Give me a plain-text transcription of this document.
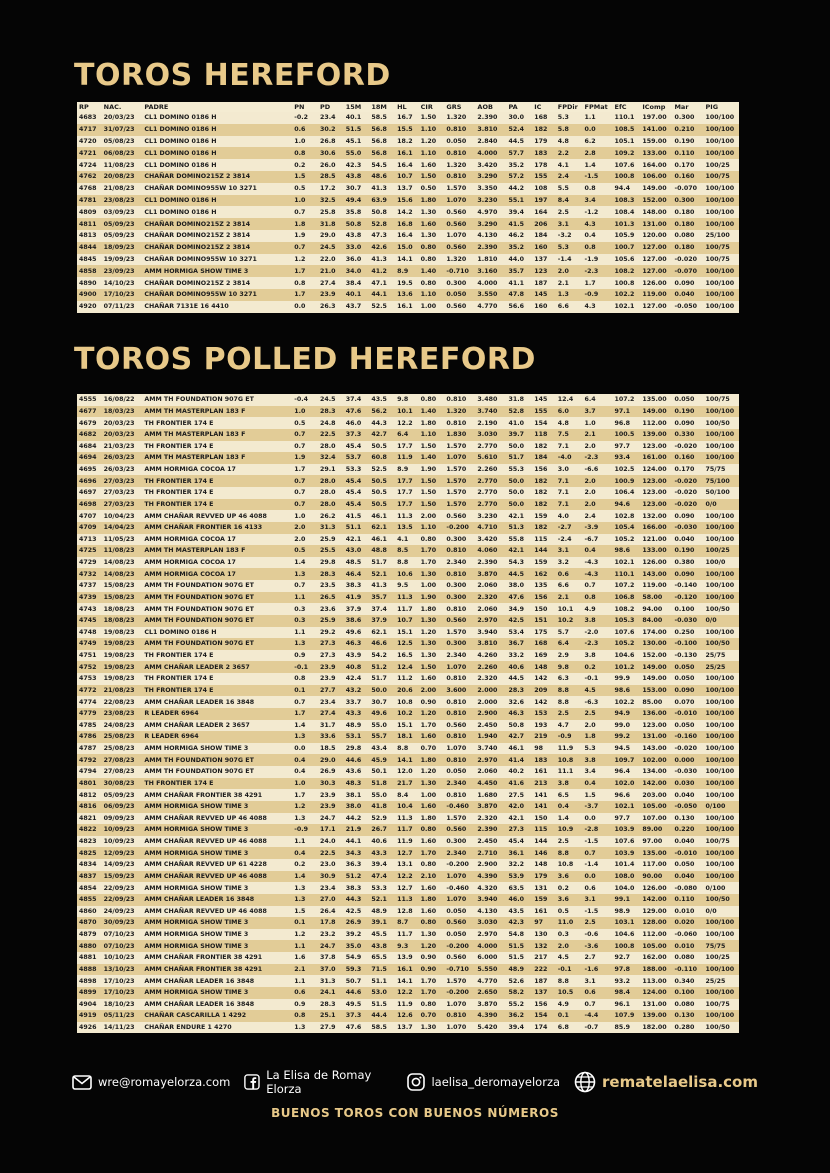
TOROS HEREFORD
RP	NAC.	PADRE	PN	PD	15M	18M	HL	CIR	GRS	AOB	PA	IC	FPDir	FPMat	EfC	IComp	Mar	PIG
4683	20/03/23	CL1 DOMINO 0186 H	-0.2	23.4	40.1	58.5	16.7	1.50	1.320	2.390	30.0	168	5.3	1.1	110.1	197.00	0.300	100/100
4717	31/07/23	CL1 DOMINO 0186 H	0.6	30.2	51.5	56.8	15.5	1.10	0.810	3.810	52.4	182	5.8	0.0	108.5	141.00	0.210	100/100
4720	05/08/23	CL1 DOMINO 0186 H	1.0	26.8	45.1	56.8	18.2	1.20	0.050	2.840	44.5	179	4.8	6.2	105.1	159.00	0.190	100/100
4721	06/08/23	CL1 DOMINO 0186 H	0.8	30.6	55.0	56.8	16.1	1.10	0.810	4.000	57.7	183	2.2	2.8	109.2	133.00	0.110	100/100
4724	11/08/23	CL1 DOMINO 0186 H	0.2	26.0	42.3	54.5	16.4	1.60	1.320	3.420	35.2	178	4.1	1.4	107.6	164.00	0.170	100/25
4762	20/08/23	CHAÑAR DOMINO215Z 2 3814	1.5	28.5	43.8	48.6	10.7	1.50	0.810	3.290	57.2	155	2.4	-1.5	100.8	106.00	0.160	100/75
4768	21/08/23	CHAÑAR DOMINO955W 10 3271	0.5	17.2	30.7	41.3	13.7	0.50	1.570	3.350	44.2	108	5.5	0.8	94.4	149.00	-0.070	100/100
4781	23/08/23	CL1 DOMINO 0186 H	1.0	32.5	49.4	63.9	15.6	1.80	1.070	3.230	55.1	197	8.4	3.4	108.3	152.00	0.300	100/100
4809	03/09/23	CL1 DOMINO 0186 H	0.7	25.8	35.8	50.8	14.2	1.30	0.560	4.970	39.4	164	2.5	-1.2	108.4	148.00	0.180	100/100
4811	05/09/23	CHAÑAR DOMINO215Z 2 3814	1.8	31.8	50.8	52.8	16.8	1.60	0.560	3.290	41.5	206	3.1	4.3	101.3	131.00	0.180	100/100
4813	05/09/23	CHAÑAR DOMINO215Z 2 3814	1.9	29.0	43.8	47.3	16.4	1.30	1.070	4.130	46.2	184	-3.2	0.4	105.9	120.00	0.080	25/100
4844	18/09/23	CHAÑAR DOMINO215Z 2 3814	0.7	24.5	33.0	42.6	15.0	0.80	0.560	2.390	35.2	160	5.3	0.8	100.7	127.00	0.180	100/75
4845	19/09/23	CHAÑAR DOMINO955W 10 3271	1.2	22.0	36.0	41.3	14.1	0.80	1.320	1.810	44.0	137	-1.4	-1.9	105.6	127.00	-0.020	100/75
4858	23/09/23	AMM HORMIGA SHOW TIME 3	1.7	21.0	34.0	41.2	8.9	1.40	-0.710	3.160	35.7	123	2.0	-2.3	108.2	127.00	-0.070	100/100
4890	14/10/23	CHAÑAR DOMINO215Z 2 3814	0.8	27.4	38.4	47.1	19.5	0.80	0.300	4.000	41.1	187	2.1	1.7	100.8	126.00	0.090	100/100
4900	17/10/23	CHAÑAR DOMINO955W 10 3271	1.7	23.9	40.1	44.1	13.6	1.10	0.050	3.550	47.8	145	1.3	-0.9	102.2	119.00	0.040	100/100
4920	07/11/23	CHAÑAR 7131E 16 4410	0.0	26.3	43.7	52.5	16.1	1.00	0.560	4.770	56.6	160	6.6	4.3	102.1	127.00	-0.050	100/100
TOROS POLLED HEREFORD
4555	16/08/22	AMM TH FOUNDATION 907G ET	-0.4	24.5	37.4	43.5	9.8	0.80	0.810	3.480	31.8	145	12.4	6.4	107.2	135.00	0.050	100/75
4677	18/03/23	AMM TH MASTERPLAN 183 F	1.0	28.3	47.6	56.2	10.1	1.40	1.320	3.740	52.8	155	6.0	3.7	97.1	149.00	0.190	100/100
4679	20/03/23	TH FRONTIER 174 E	0.5	24.8	46.0	44.3	12.2	1.80	0.810	2.190	41.0	154	4.8	1.0	96.8	112.00	0.090	100/50
4682	20/03/23	AMM TH MASTERPLAN 183 F	0.7	22.5	37.3	42.7	6.4	1.10	1.830	3.030	39.7	118	7.5	2.1	100.5	139.00	0.330	100/100
4684	21/03/23	TH FRONTIER 174 E	0.7	28.0	45.4	50.5	17.7	1.50	1.570	2.770	50.0	182	7.1	2.0	97.7	123.00	-0.020	100/100
4694	26/03/23	AMM TH MASTERPLAN 183 F	1.9	32.4	53.7	60.8	11.9	1.40	1.070	5.610	51.7	184	-4.0	-2.3	93.4	161.00	0.160	100/100
4695	26/03/23	AMM HORMIGA COCOA 17	1.7	29.1	53.3	52.5	8.9	1.90	1.570	2.260	55.3	156	3.0	-6.6	102.5	124.00	0.170	75/75
4696	27/03/23	TH FRONTIER 174 E	0.7	28.0	45.4	50.5	17.7	1.50	1.570	2.770	50.0	182	7.1	2.0	100.9	123.00	-0.020	75/100
4697	27/03/23	TH FRONTIER 174 E	0.7	28.0	45.4	50.5	17.7	1.50	1.570	2.770	50.0	182	7.1	2.0	106.4	123.00	-0.020	50/100
4698	27/03/23	TH FRONTIER 174 E	0.7	28.0	45.4	50.5	17.7	1.50	1.570	2.770	50.0	182	7.1	2.0	94.6	123.00	-0.020	0/0
4707	10/04/23	AMM CHAÑAR REVVED UP 46 4088	1.0	26.2	41.5	46.1	11.3	2.00	0.560	3.230	42.1	159	4.0	2.4	102.8	132.00	0.090	100/100
4709	14/04/23	AMM CHAÑAR FRONTIER 16 4133	2.0	31.3	51.1	62.1	13.5	1.10	-0.200	4.710	51.3	182	-2.7	-3.9	105.4	166.00	-0.030	100/100
4713	11/05/23	AMM HORMIGA COCOA 17	2.0	25.9	42.1	46.1	4.1	0.80	0.300	3.420	55.8	115	-2.4	-6.7	105.2	121.00	0.040	100/100
4725	11/08/23	AMM TH MASTERPLAN 183 F	0.5	25.5	43.0	48.8	8.5	1.70	0.810	4.060	42.1	144	3.1	0.4	98.6	133.00	0.190	100/25
4729	14/08/23	AMM HORMIGA COCOA 17	1.4	29.8	48.5	51.7	8.8	1.70	2.340	2.390	54.3	159	3.2	-4.3	102.1	126.00	0.380	100/0
4732	14/08/23	AMM HORMIGA COCOA 17	1.3	28.3	46.4	52.1	10.6	1.30	0.810	3.870	44.5	162	0.6	-4.3	110.1	143.00	0.090	100/100
4737	15/08/23	AMM TH FOUNDATION 907G ET	0.7	23.5	38.3	41.3	9.5	1.00	0.300	2.060	38.0	135	6.6	0.7	107.2	119.00	-0.140	100/100
4739	15/08/23	AMM TH FOUNDATION 907G ET	1.1	26.5	41.9	35.7	11.3	1.90	0.300	2.320	47.6	156	2.1	0.8	106.8	58.00	-0.120	100/100
4743	18/08/23	AMM TH FOUNDATION 907G ET	0.3	23.6	37.9	37.4	11.7	1.80	0.810	2.060	34.9	150	10.1	4.9	108.2	94.00	0.100	100/50
4745	18/08/23	AMM TH FOUNDATION 907G ET	0.3	25.9	38.6	37.9	10.7	1.30	0.560	2.970	42.5	151	10.2	3.8	105.3	84.00	-0.030	0/0
4748	19/08/23	CL1 DOMINO 0186 H	1.1	29.2	49.6	62.1	15.1	1.20	1.570	3.940	53.4	175	5.7	-2.0	107.6	174.00	0.250	100/100
4749	19/08/23	AMM TH FOUNDATION 907G ET	1.3	27.3	46.3	46.6	12.5	1.30	0.300	3.810	36.7	168	6.4	-2.3	105.2	130.00	-0.100	100/50
4751	19/08/23	TH FRONTIER 174 E	0.9	27.3	43.9	54.2	16.5	1.30	2.340	4.260	33.2	169	2.9	3.8	104.6	152.00	-0.130	25/75
4752	19/08/23	AMM CHAÑAR LEADER 2 3657	-0.1	23.9	40.8	51.2	12.4	1.50	1.070	2.260	40.6	148	9.8	0.2	101.2	149.00	0.050	25/25
4753	19/08/23	TH FRONTIER 174 E	0.8	23.9	42.4	51.7	11.2	1.60	0.810	2.320	44.5	142	6.3	-0.1	99.9	149.00	0.050	100/100
4772	21/08/23	TH FRONTIER 174 E	0.1	27.7	43.2	50.0	20.6	2.00	3.600	2.000	28.3	209	8.8	4.5	98.6	153.00	0.090	100/100
4774	22/08/23	AMM CHAÑAR LEADER 16 3848	0.7	23.4	33.7	30.7	10.8	0.90	0.810	2.000	32.6	142	8.8	-6.3	102.2	85.00	0.070	100/100
4779	23/08/23	R LEADER 6964	1.7	27.4	43.3	49.6	10.2	1.20	0.810	2.900	46.3	153	2.5	2.5	94.9	136.00	-0.010	100/100
4785	24/08/23	AMM CHAÑAR LEADER 2 3657	1.4	31.7	48.9	55.0	15.1	1.70	0.560	2.450	50.8	193	4.7	2.0	99.0	123.00	0.050	100/100
4786	25/08/23	R LEADER 6964	1.3	33.6	53.1	55.7	18.1	1.60	0.810	1.940	42.7	219	-0.9	1.8	99.2	131.00	-0.160	100/100
4787	25/08/23	AMM HORMIGA SHOW TIME 3	0.0	18.5	29.8	43.4	8.8	0.70	1.070	3.740	46.1	98	11.9	5.3	94.5	143.00	-0.020	100/100
4792	27/08/23	AMM TH FOUNDATION 907G ET	0.4	29.0	44.6	45.9	14.1	1.80	0.810	2.970	41.4	183	10.8	3.8	109.7	102.00	0.000	100/100
4794	27/08/23	AMM TH FOUNDATION 907G ET	0.4	26.9	43.6	50.1	12.0	1.20	0.050	2.060	40.2	161	11.1	3.4	96.4	134.00	-0.030	100/100
4801	30/08/23	TH FRONTIER 174 E	1.0	30.3	48.3	51.8	21.7	1.30	2.340	4.450	41.6	213	3.8	0.4	102.0	142.00	0.030	100/100
4812	05/09/23	AMM CHAÑAR FRONTIER 38 4291	1.7	23.9	38.1	55.0	8.4	1.00	0.810	1.680	27.5	141	6.5	1.5	96.6	203.00	0.040	100/100
4816	06/09/23	AMM HORMIGA SHOW TIME 3	1.2	23.9	38.0	41.8	10.4	1.60	-0.460	3.870	42.0	141	0.4	-3.7	102.1	105.00	-0.050	0/100
4821	09/09/23	AMM CHAÑAR REVVED UP 46 4088	1.3	24.7	44.2	52.9	11.3	1.80	1.570	2.320	42.1	150	1.4	0.0	97.7	107.00	0.130	100/100
4822	10/09/23	AMM HORMIGA SHOW TIME 3	-0.9	17.1	21.9	26.7	11.7	0.80	0.560	2.390	27.3	115	10.9	-2.8	103.9	89.00	0.220	100/100
4823	10/09/23	AMM CHAÑAR REVVED UP 46 4088	1.1	24.0	44.1	40.6	11.9	1.60	0.300	2.450	45.4	144	2.5	-1.5	107.6	97.00	0.040	100/75
4825	12/09/23	AMM HORMIGA SHOW TIME 3	0.4	22.5	34.3	43.3	12.7	1.70	2.340	2.710	36.1	146	8.8	0.7	103.9	135.00	-0.010	100/100
4834	14/09/23	AMM CHAÑAR REVVED UP 61 4228	0.2	23.0	36.3	39.4	13.1	0.80	-0.200	2.900	32.2	148	10.8	-1.4	101.4	117.00	0.050	100/100
4837	15/09/23	AMM CHAÑAR REVVED UP 46 4088	1.4	30.9	51.2	47.4	12.2	2.10	1.070	4.390	53.9	179	3.6	0.0	108.0	90.00	0.040	100/100
4854	22/09/23	AMM HORMIGA SHOW TIME 3	1.3	23.4	38.3	53.3	12.7	1.60	-0.460	4.320	63.5	131	0.2	0.6	104.0	126.00	-0.080	0/100
4855	22/09/23	AMM CHAÑAR LEADER 16 3848	1.3	27.0	44.3	52.1	11.3	1.80	1.070	3.940	46.0	159	3.6	3.1	99.1	142.00	0.110	100/50
4860	24/09/23	AMM CHAÑAR REVVED UP 46 4088	1.5	26.4	42.5	48.9	12.8	1.60	0.050	4.130	43.5	161	0.5	-1.5	98.9	129.00	0.010	0/0
4870	30/09/23	AMM HORMIGA SHOW TIME 3	0.1	17.8	26.9	39.1	8.7	0.80	0.560	3.030	42.3	97	11.0	2.5	103.1	128.00	0.020	100/100
4879	07/10/23	AMM HORMIGA SHOW TIME 3	1.2	23.2	39.2	45.5	11.7	1.30	0.050	2.970	54.8	130	0.3	-0.6	104.6	112.00	-0.060	100/100
4880	07/10/23	AMM HORMIGA SHOW TIME 3	1.1	24.7	35.0	43.8	9.3	1.20	-0.200	4.000	51.5	132	2.0	-3.6	100.8	105.00	0.010	75/75
4881	10/10/23	AMM CHAÑAR FRONTIER 38 4291	1.6	37.8	54.9	65.5	13.9	0.90	0.560	6.000	51.5	217	4.5	2.7	92.7	162.00	0.080	100/25
4888	13/10/23	AMM CHAÑAR FRONTIER 38 4291	2.1	37.0	59.3	71.5	16.1	0.90	-0.710	5.550	48.9	222	-0.1	-1.6	97.8	188.00	-0.110	100/100
4898	17/10/23	AMM CHAÑAR LEADER 16 3848	1.1	31.3	50.7	51.1	14.1	1.70	1.570	4.770	52.6	187	8.8	3.1	93.2	113.00	0.340	25/25
4899	17/10/23	AMM HORMIGA SHOW TIME 3	0.6	24.1	44.6	53.0	12.2	1.70	-0.200	2.650	58.2	137	10.5	0.6	98.4	124.00	0.100	100/100
4904	18/10/23	AMM CHAÑAR LEADER 16 3848	0.9	28.3	49.5	51.5	11.9	0.80	1.070	3.870	55.2	156	4.9	0.7	96.1	131.00	0.080	100/75
4919	05/11/23	CHAÑAR CASCARILLA 1 4292	0.8	25.1	37.3	44.4	12.6	0.70	0.810	4.390	36.2	154	0.1	-4.4	107.9	139.00	0.130	100/100
4926	14/11/23	CHAÑAR ENDURE 1 4270	1.3	27.9	47.6	58.5	13.7	1.30	1.070	5.420	39.4	174	6.8	-0.7	85.9	182.00	0.280	100/50
wre@romayelorza.com	La Elisa de Romay Elorza	laelisa_deromayelorza	rematelaelisa.com
BUENOS TOROS CON BUENOS NÚMEROS
